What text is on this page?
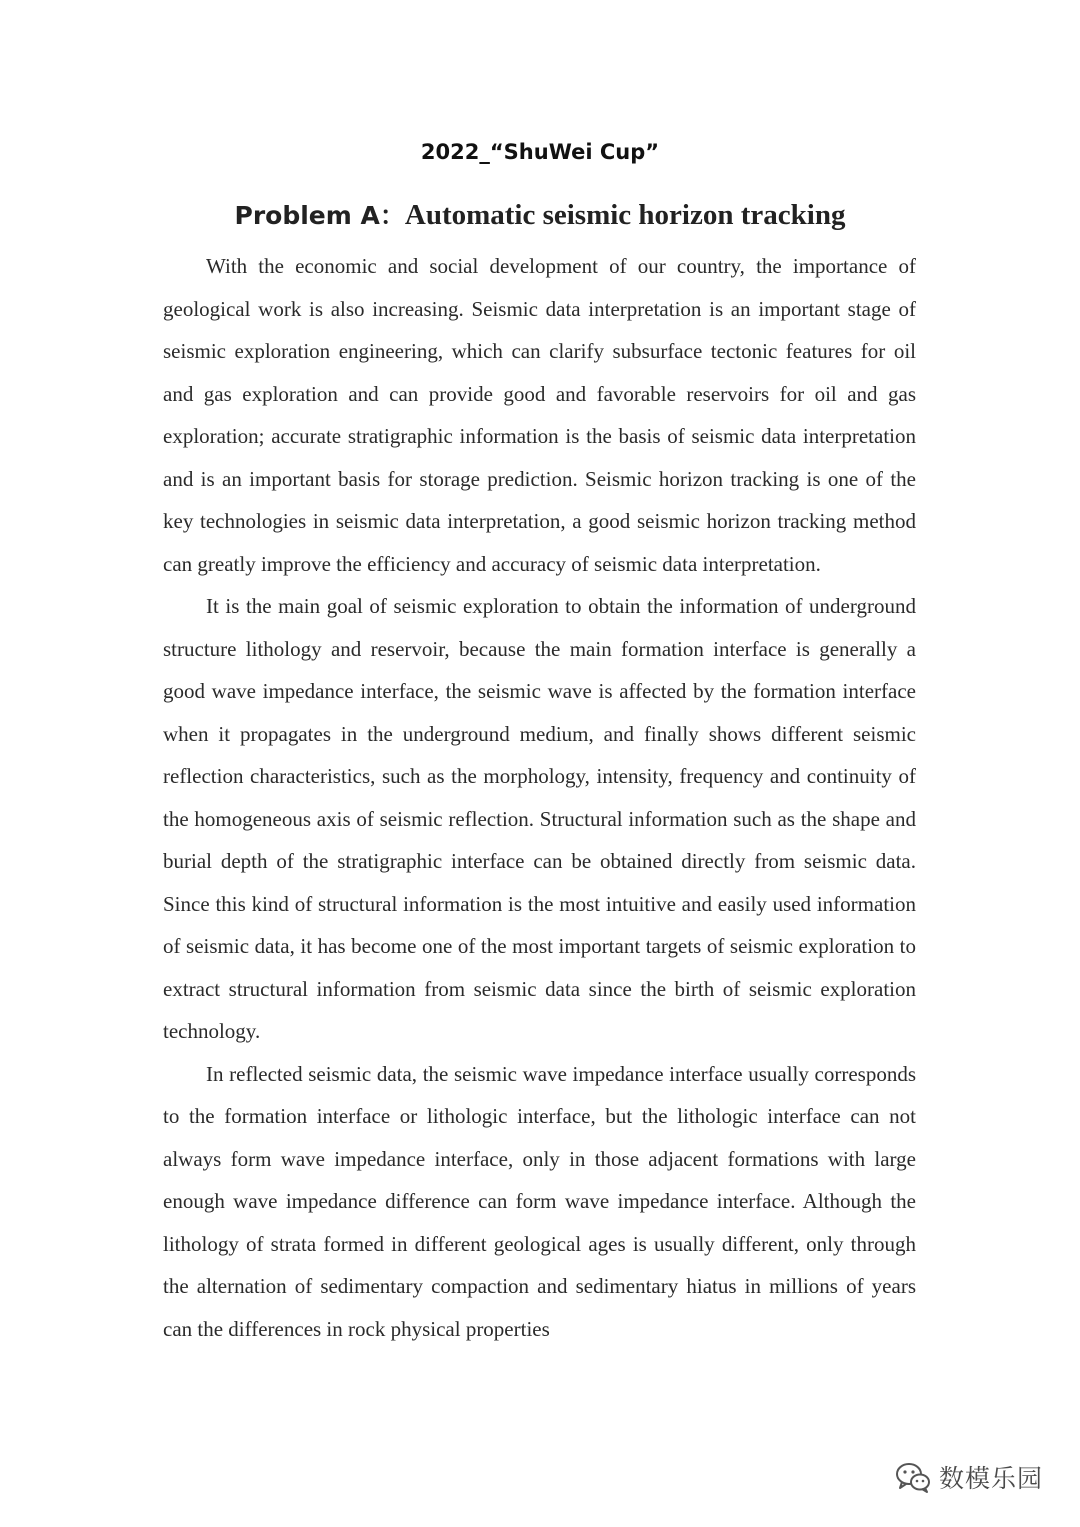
2022_“ShuWei Cup”
Problem A：Automatic seismic horizon tracking

With the economic and social development of our country, the importance of geological work is also increasing. Seismic data interpretation is an important stage of seismic exploration engineering, which can clarify subsurface tectonic features for oil and gas exploration and can provide good and favorable reservoirs for oil and gas exploration; accurate stratigraphic information is the basis of seismic data interpretation and is an important basis for storage prediction. Seismic horizon tracking is one of the key technologies in seismic data interpretation, a good seismic horizon tracking method can greatly improve the efficiency and accuracy of seismic data interpretation.

It is the main goal of seismic exploration to obtain the information of underground structure lithology and reservoir, because the main formation interface is generally a good wave impedance interface, the seismic wave is affected by the formation interface when it propagates in the underground medium, and finally shows different seismic reflection characteristics, such as the morphology, intensity, frequency and continuity of the homogeneous axis of seismic reflection. Structural information such as the shape and burial depth of the stratigraphic interface can be obtained directly from seismic data. Since this kind of structural information is the most intuitive and easily used information of seismic data, it has become one of the most important targets of seismic exploration to extract structural information from seismic data since the birth of seismic exploration technology.

In reflected seismic data, the seismic wave impedance interface usually corresponds to the formation interface or lithologic interface, but the lithologic interface can not always form wave impedance interface, only in those adjacent formations with large enough wave impedance difference can form wave impedance interface. Although the lithology of strata formed in different geological ages is usually different, only through the alternation of sedimentary compaction and sedimentary hiatus in millions of years can the differences in rock physical properties

数模乐园
